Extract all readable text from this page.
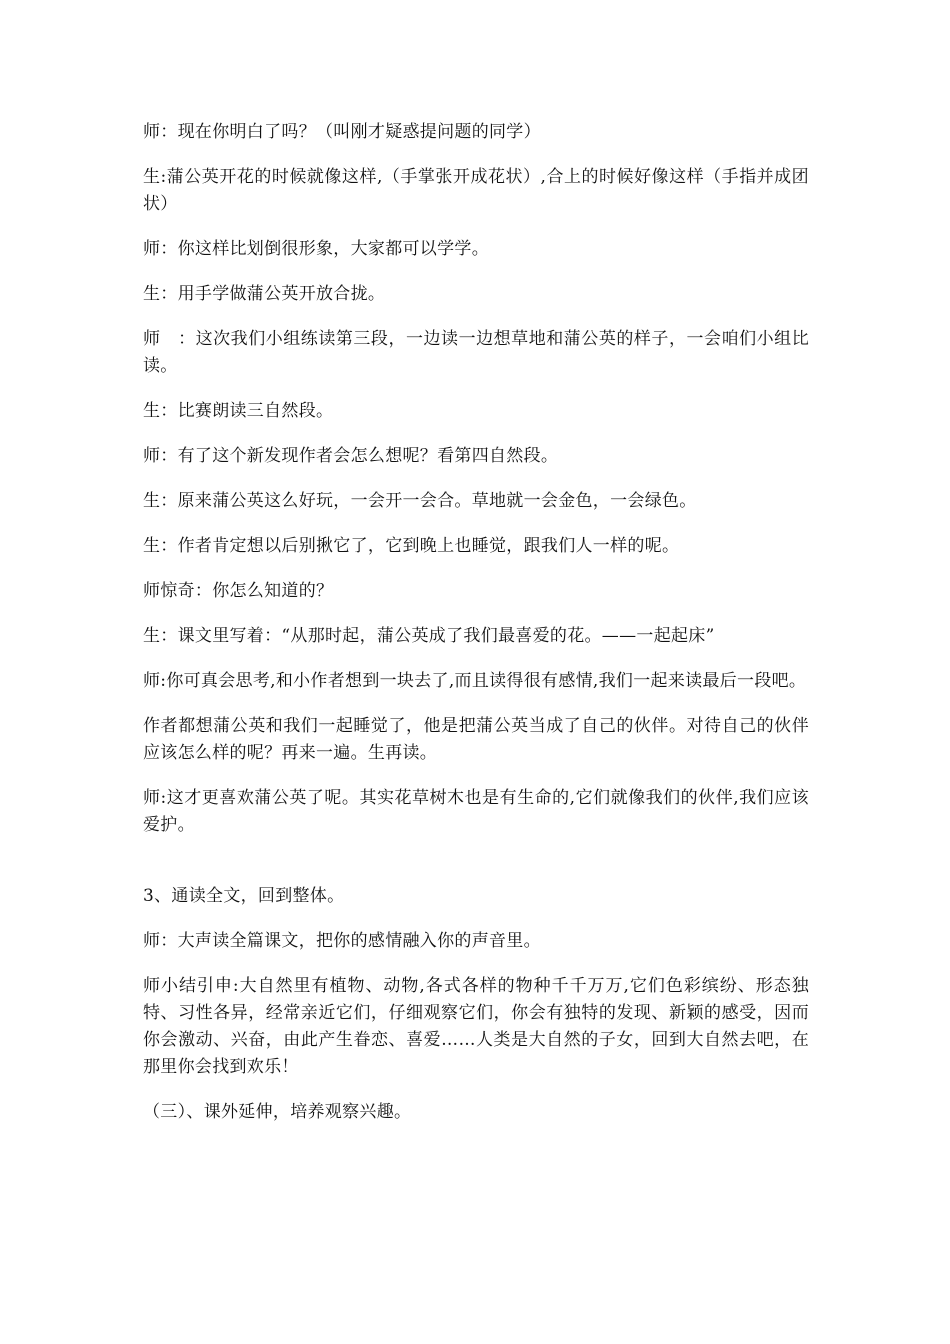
师：现在你明白了吗？（叫刚才疑惑提问题的同学）

生:蒲公英开花的时候就像这样,（手掌张开成花状）,合上的时候好像这样（手指并成团状）

师：你这样比划倒很形象，大家都可以学学。

生：用手学做蒲公英开放合拢。

师　：这次我们小组练读第三段，一边读一边想草地和蒲公英的样子，一会咱们小组比读。

生：比赛朗读三自然段。

师：有了这个新发现作者会怎么想呢？看第四自然段。

生：原来蒲公英这么好玩，一会开一会合。草地就一会金色，一会绿色。

生：作者肯定想以后别揪它了，它到晚上也睡觉，跟我们人一样的呢。

师惊奇：你怎么知道的？

生：课文里写着：“从那时起，蒲公英成了我们最喜爱的花。——一起起床”

师:你可真会思考,和小作者想到一块去了,而且读得很有感情,我们一起来读最后一段吧。

作者都想蒲公英和我们一起睡觉了，他是把蒲公英当成了自己的伙伴。对待自己的伙伴应该怎么样的呢？再来一遍。生再读。

师:这才更喜欢蒲公英了呢。其实花草树木也是有生命的,它们就像我们的伙伴,我们应该爱护。

3、通读全文，回到整体。

师：大声读全篇课文，把你的感情融入你的声音里。

师小结引申:大自然里有植物、动物,各式各样的物种千千万万,它们色彩缤纷、形态独特、习性各异，经常亲近它们，仔细观察它们，你会有独特的发现、新颖的感受，因而你会激动、兴奋，由此产生眷恋、喜爱……人类是大自然的子女，回到大自然去吧，在那里你会找到欢乐！

（三）、课外延伸，培养观察兴趣。
